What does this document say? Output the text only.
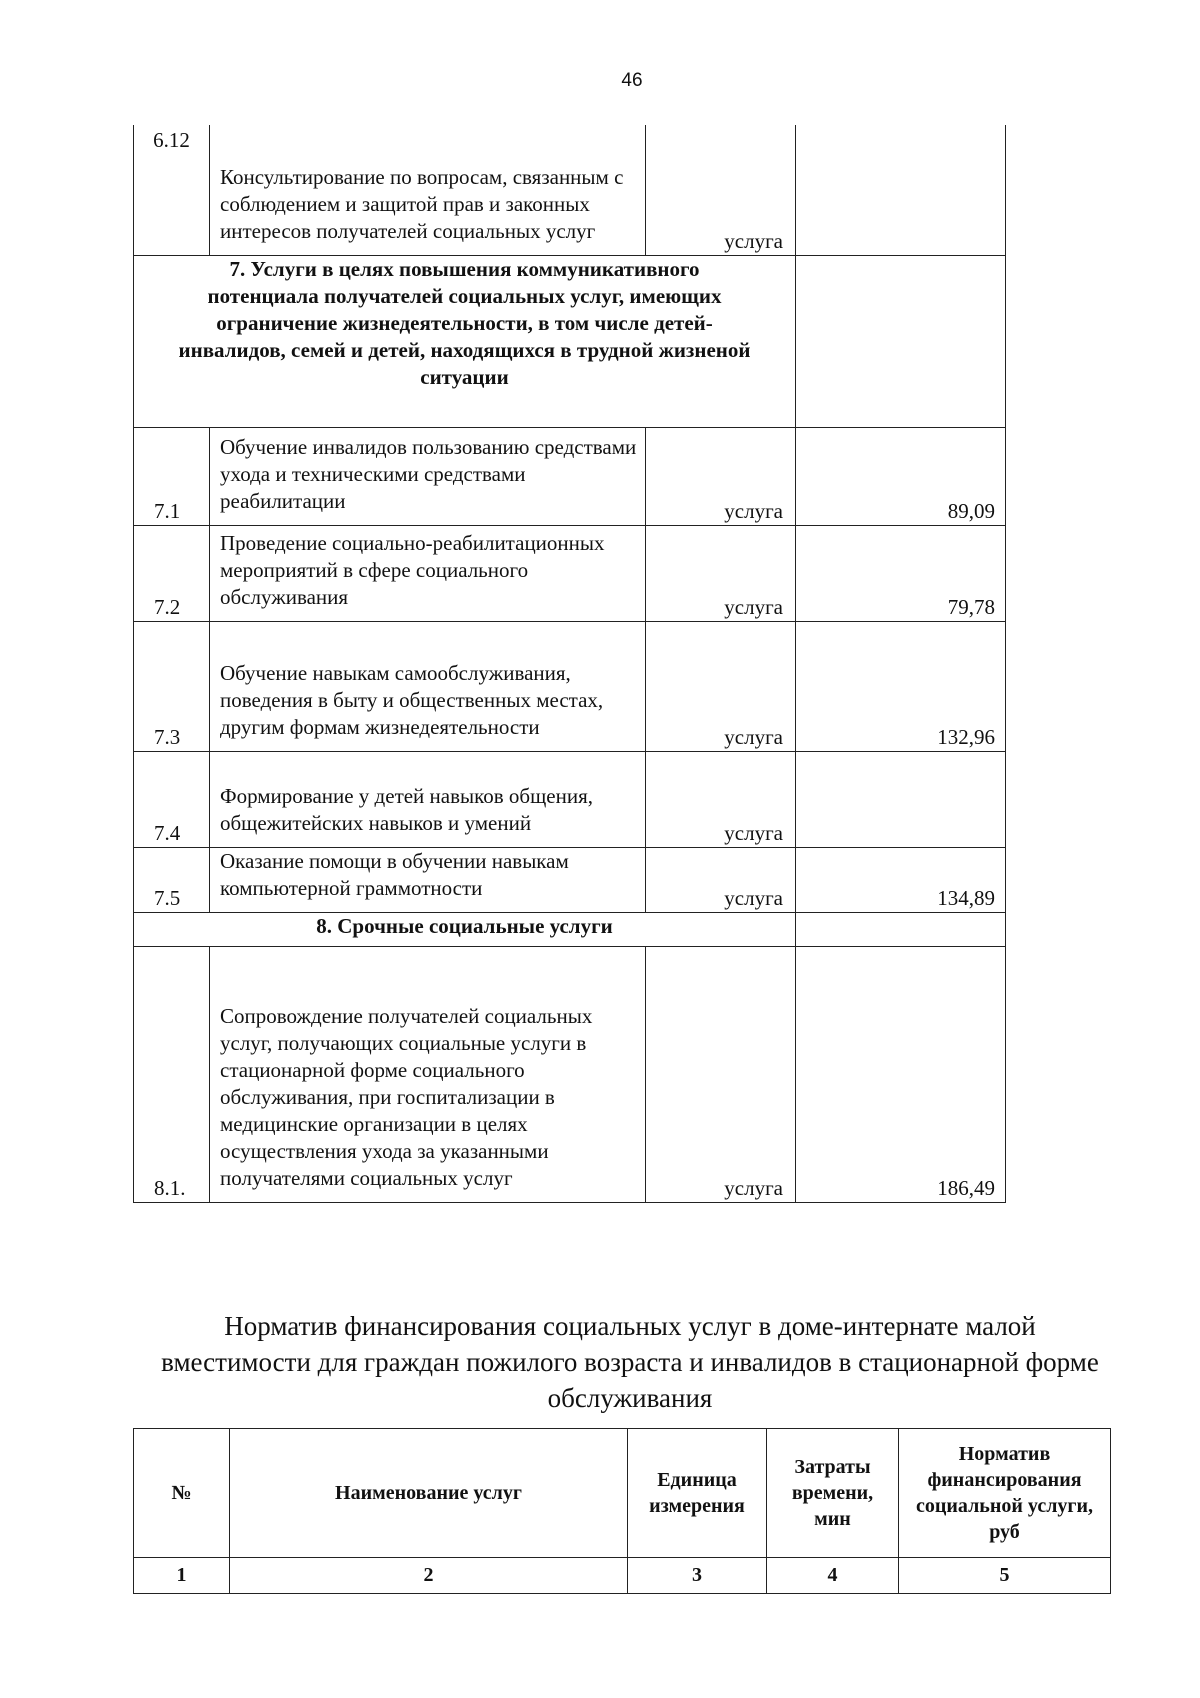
46
6.12	Консультирование по вопросам, связанным с соблюдением и защитой прав и законных интересов получателей социальных услуг	услуга	

7. Услуги в целях повышения коммуникативного потенциала получателей социальных услуг, имеющих ограничение жизнедеятельности, в том числе детей-инвалидов, семей и детей, находящихся в трудной жизненой ситуации			

7.1	Обучение инвалидов пользованию средствами ухода и техническими средствами реабилитации	услуга	89,09
7.2	Проведение социально-реабилитационных мероприятий в сфере социального обслуживания	услуга	79,78
7.3	Обучение навыкам самообслуживания, поведения в быту и общественных местах, другим формам жизнедеятельности	услуга	132,96
7.4	Формирование у детей навыков общения, общежитейских навыков и умений	услуга	
7.5	Оказание помощи в обучении навыкам компьютерной граммотности	услуга	134,89
8. Срочные социальные услуги			
8.1.	Сопровождение получателей социальных услуг, получающих социальные услуги в стационарной форме социального обслуживания, при госпитализации в медицинские организации в целях осуществления ухода за указанными получателями социальных услуг	услуга	186,49
Норматив финансирования социальных услуг в доме-интернате малой вместимости для граждан пожилого возраста и инвалидов в стационарной форме обслуживания
№	Наименование услуг	Единица измерения	Затраты времени, мин	Норматив финансирования социальной услуги, руб
1	2	3	4	5
